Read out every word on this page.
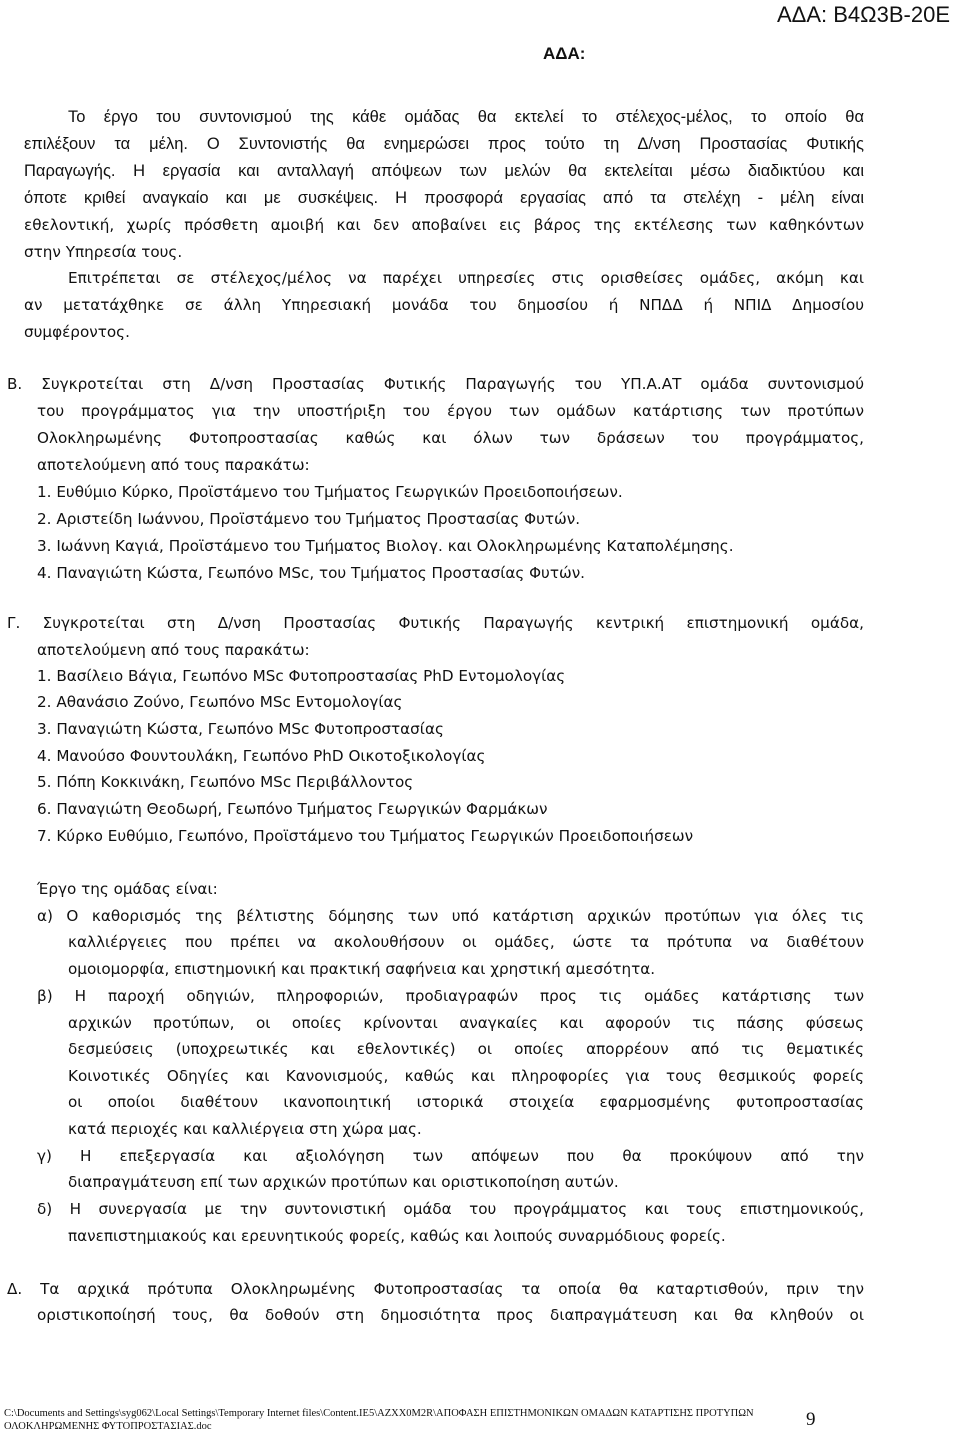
ΑΔΑ: Β4Ω3Β-20Ε
ΑΔΑ:
Το έργο του συντονισμού της κάθε ομάδας θα εκτελεί το στέλεχος-μέλος, το οποίο θα
επιλέξουν τα μέλη. Ο Συντονιστής θα ενημερώσει προς τούτο τη Δ/νση Προστασίας Φυτικής
Παραγωγής. Η εργασία και ανταλλαγή απόψεων των μελών θα εκτελείται μέσω διαδικτύου και
όποτε κριθεί αναγκαίο και με συσκέψεις. Η προσφορά εργασίας από τα στελέχη - μέλη είναι
εθελοντική, χωρίς πρόσθετη αμοιβή και δεν αποβαίνει εις βάρος της εκτέλεσης των καθηκόντων
στην Υπηρεσία τους.
Επιτρέπεται σε στέλεχος/μέλος να παρέχει υπηρεσίες στις ορισθείσες ομάδες, ακόμη και
αν μετατάχθηκε σε άλλη Υπηρεσιακή μονάδα του δημοσίου ή ΝΠΔΔ ή ΝΠΙΔ Δημοσίου
συμφέροντος.
Β. Συγκροτείται στη Δ/νση Προστασίας Φυτικής Παραγωγής του ΥΠ.Α.ΑΤ ομάδα συντονισμού
του προγράμματος για την υποστήριξη του έργου των ομάδων κατάρτισης των προτύπων
Ολοκληρωμένης Φυτοπροστασίας καθώς και όλων των δράσεων του προγράμματος,
αποτελούμενη από τους παρακάτω:
1. Ευθύμιο Κύρκο, Προϊστάμενο του Τμήματος Γεωργικών Προειδοποιήσεων.
2. Αριστείδη Ιωάννου, Προϊστάμενο του Τμήματος Προστασίας Φυτών.
3. Ιωάννη Καγιά, Προϊστάμενο του Τμήματος Βιολογ. και Ολοκληρωμένης Καταπολέμησης.
4. Παναγιώτη Κώστα, Γεωπόνο MSc, του Τμήματος Προστασίας Φυτών.
Γ. Συγκροτείται στη Δ/νση Προστασίας Φυτικής Παραγωγής κεντρική επιστημονική ομάδα,
αποτελούμενη από τους παρακάτω:
1. Βασίλειο Βάγια, Γεωπόνο MSc Φυτοπροστασίας PhD Εντομολογίας
2. Αθανάσιο Ζούνο, Γεωπόνο MSc Εντομολογίας
3. Παναγιώτη Κώστα, Γεωπόνο MSc Φυτοπροστασίας
4. Μανούσο Φουντουλάκη, Γεωπόνο PhD Οικοτοξικολογίας
5. Πόπη Κοκκινάκη, Γεωπόνο MSc Περιβάλλοντος
6. Παναγιώτη Θεοδωρή, Γεωπόνο Τμήματος Γεωργικών Φαρμάκων
7. Κύρκο Ευθύμιο, Γεωπόνο, Προϊστάμενο του Τμήματος Γεωργικών Προειδοποιήσεων
Έργο της ομάδας είναι:
α) Ο καθορισμός της βέλτιστης δόμησης των υπό κατάρτιση αρχικών προτύπων για όλες τις
καλλιέργειες που πρέπει να ακολουθήσουν οι ομάδες, ώστε τα πρότυπα να διαθέτουν
ομοιομορφία, επιστημονική και πρακτική σαφήνεια και χρηστική αμεσότητα.
β) Η παροχή οδηγιών, πληροφοριών, προδιαγραφών προς τις ομάδες κατάρτισης των
αρχικών προτύπων, οι οποίες κρίνονται αναγκαίες και αφορούν τις πάσης φύσεως
δεσμεύσεις (υποχρεωτικές και εθελοντικές) οι οποίες απορρέουν από τις θεματικές
Κοινοτικές Οδηγίες και Κανονισμούς, καθώς και πληροφορίες για τους θεσμικούς φορείς
οι οποίοι διαθέτουν ικανοποιητική ιστορικά στοιχεία εφαρμοσμένης φυτοπροστασίας
κατά περιοχές και καλλιέργεια στη χώρα μας.
γ) Η επεξεργασία και αξιολόγηση των απόψεων που θα προκύψουν από την
διαπραγμάτευση επί των αρχικών προτύπων και οριστικοποίηση αυτών.
δ) Η συνεργασία με την συντονιστική ομάδα του προγράμματος και τους επιστημονικούς,
πανεπιστημιακούς και ερευνητικούς φορείς, καθώς και λοιπούς συναρμόδιους φορείς.
Δ. Τα αρχικά πρότυπα Ολοκληρωμένης Φυτοπροστασίας τα οποία θα καταρτισθούν, πριν την
οριστικοποίησή τους, θα δοθούν στη δημοσιότητα προς διαπραγμάτευση και θα κληθούν οι
C:\Documents and Settings\syg062\Local Settings\Temporary Internet files\Content.IE5\AZXX0M2R\ΑΠΟΦΑΣΗ ΕΠΙΣΤΗΜΟΝΙΚΩΝ ΟΜΑΔΩΝ ΚΑΤΑΡΤΙΣΗΣ ΠΡΟΤΥΠΩΝ ΟΛΟΚΛΗΡΩΜΕΝΗΣ ΦΥΤΟΠΡΟΣΤΑΣΙΑΣ.doc	9
